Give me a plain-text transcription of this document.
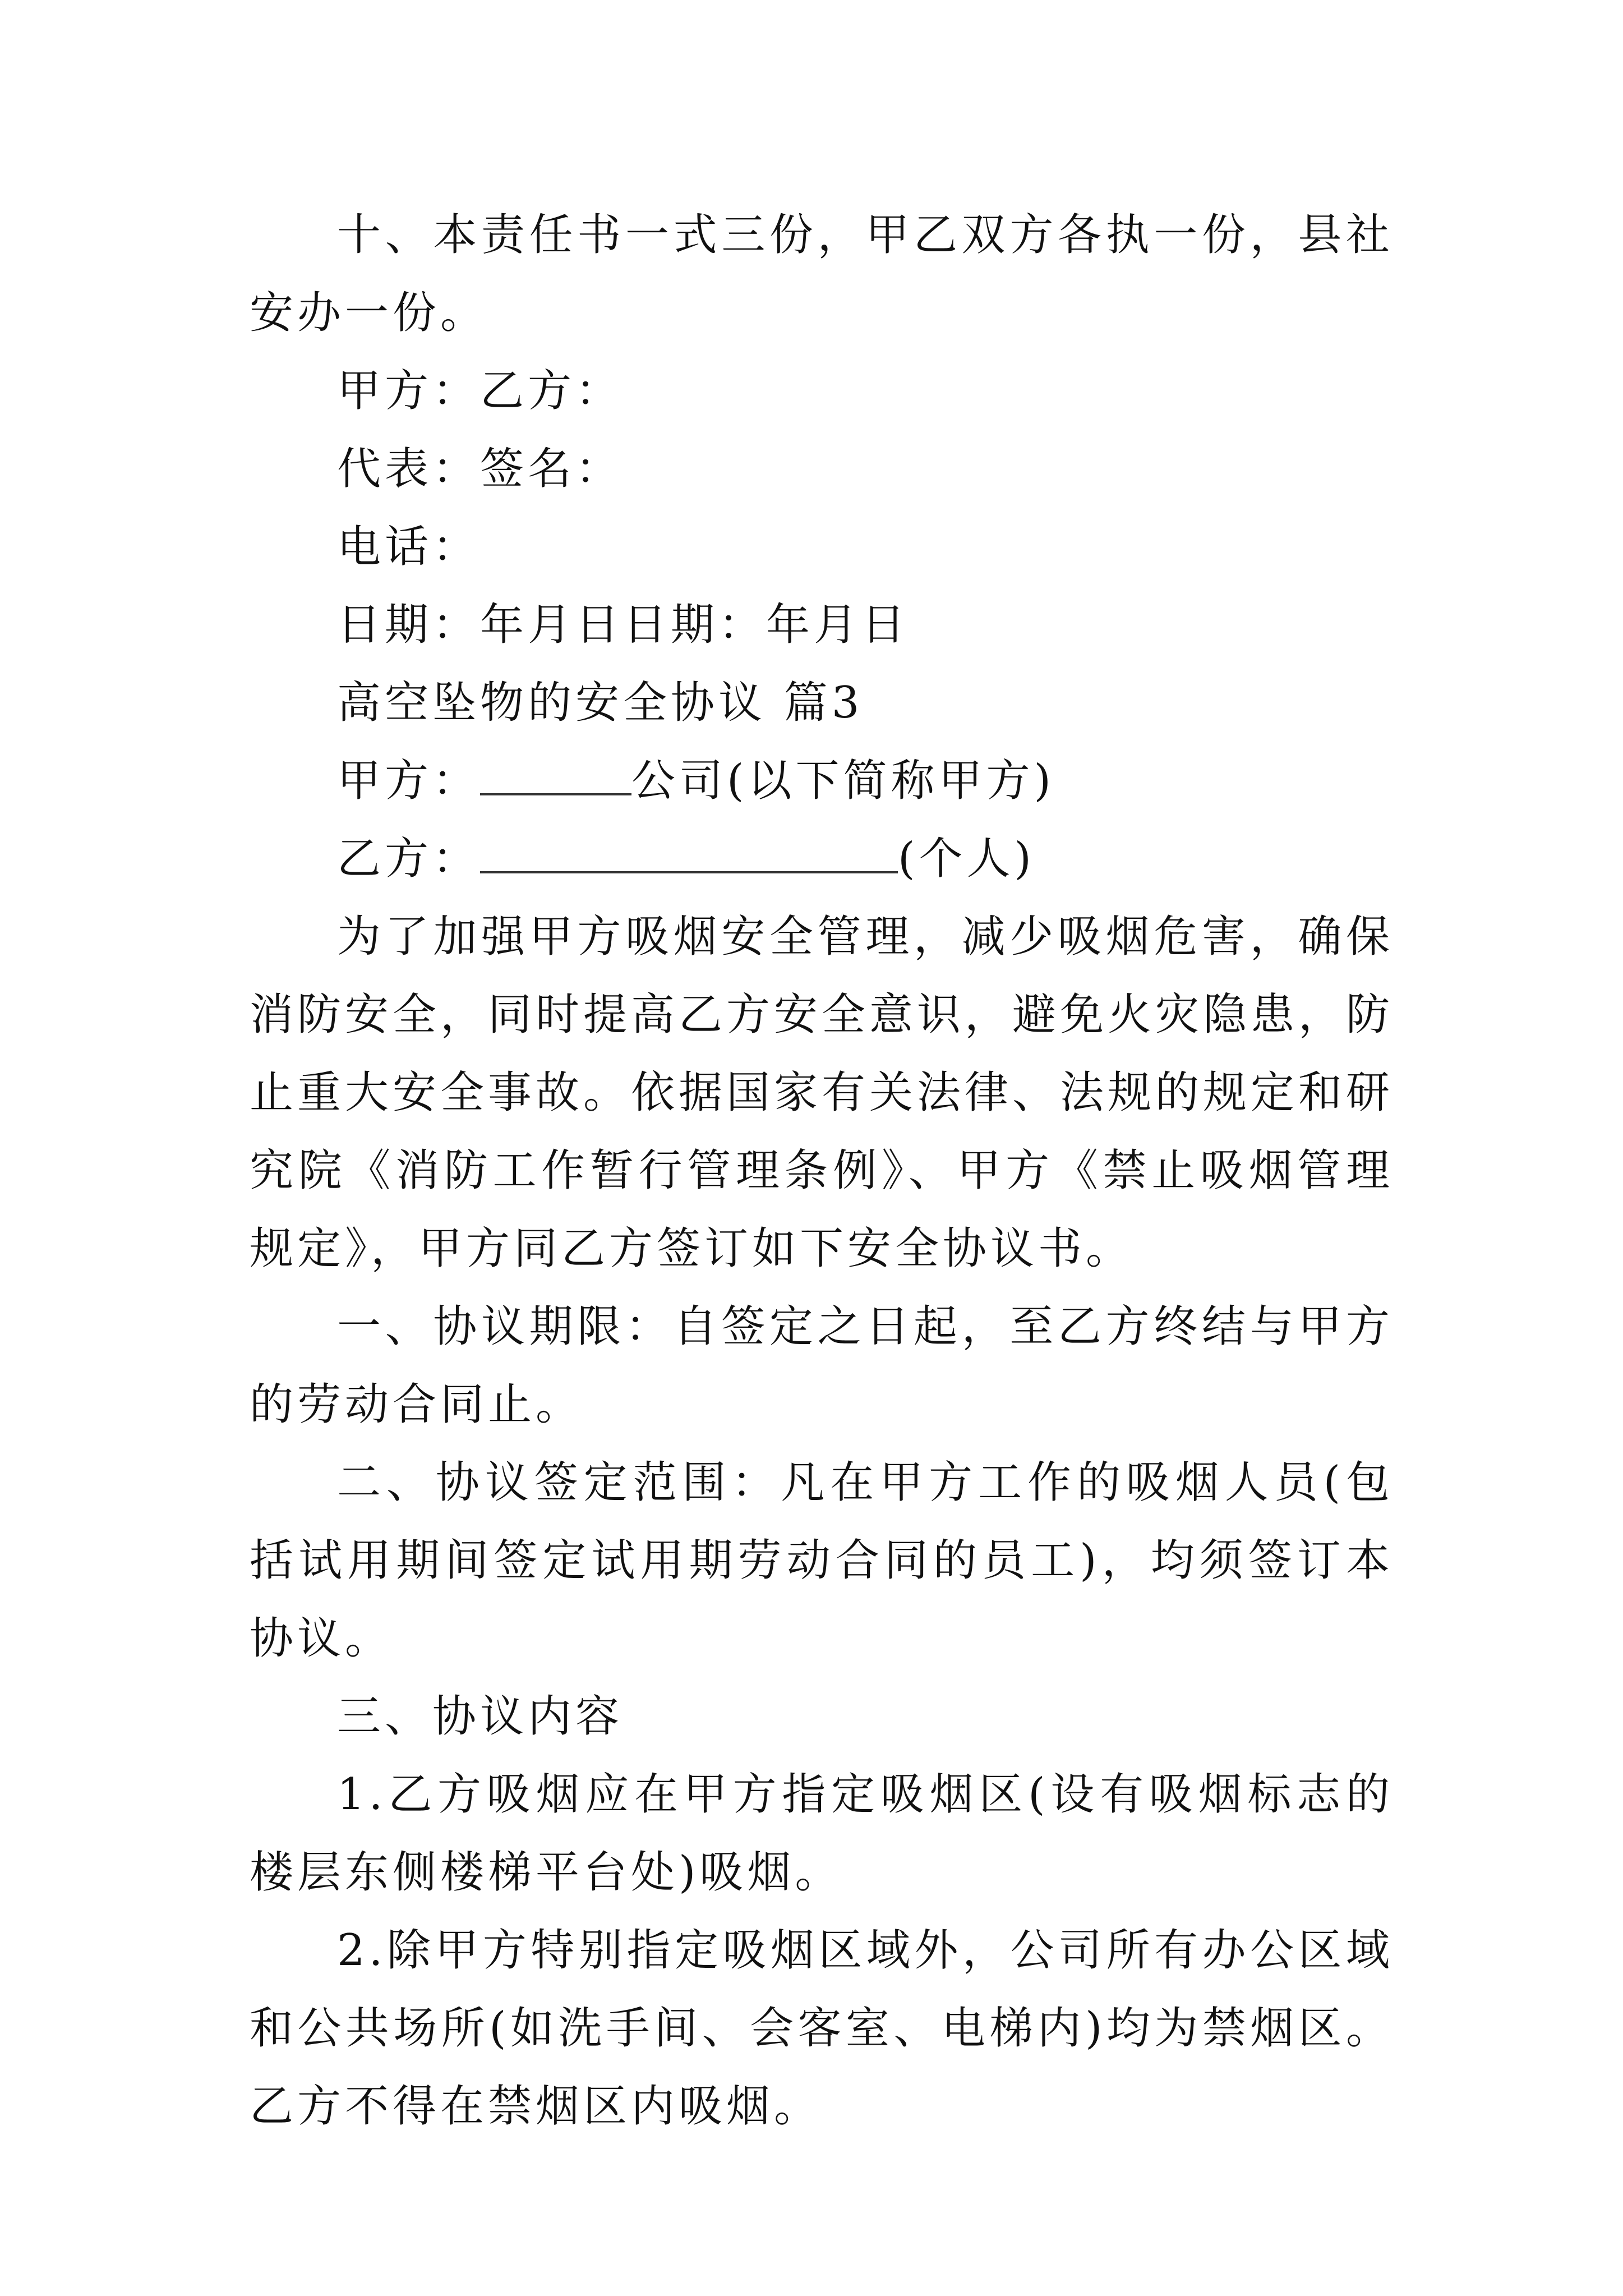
十、本责任书一式三份，甲乙双方各执一份，县社安办一份。

甲方：乙方：

代表：签名：

电话：

日期：年月日日期：年月日

高空坠物的安全协议 篇3

甲方：	公司(以下简称甲方)

乙方：	(个人)

为了加强甲方吸烟安全管理，减少吸烟危害，确保消防安全，同时提高乙方安全意识，避免火灾隐患，防止重大安全事故。依据国家有关法律、法规的规定和研究院《消防工作暂行管理条例》、甲方《禁止吸烟管理规定》，甲方同乙方签订如下安全协议书。

一、协议期限：自签定之日起，至乙方终结与甲方的劳动合同止。

二、协议签定范围：凡在甲方工作的吸烟人员(包括试用期间签定试用期劳动合同的员工)，均须签订本协议。

三、协议内容

1.乙方吸烟应在甲方指定吸烟区(设有吸烟标志的楼层东侧楼梯平台处)吸烟。

2.除甲方特别指定吸烟区域外，公司所有办公区域和公共场所(如洗手间、会客室、电梯内)均为禁烟区。乙方不得在禁烟区内吸烟。
